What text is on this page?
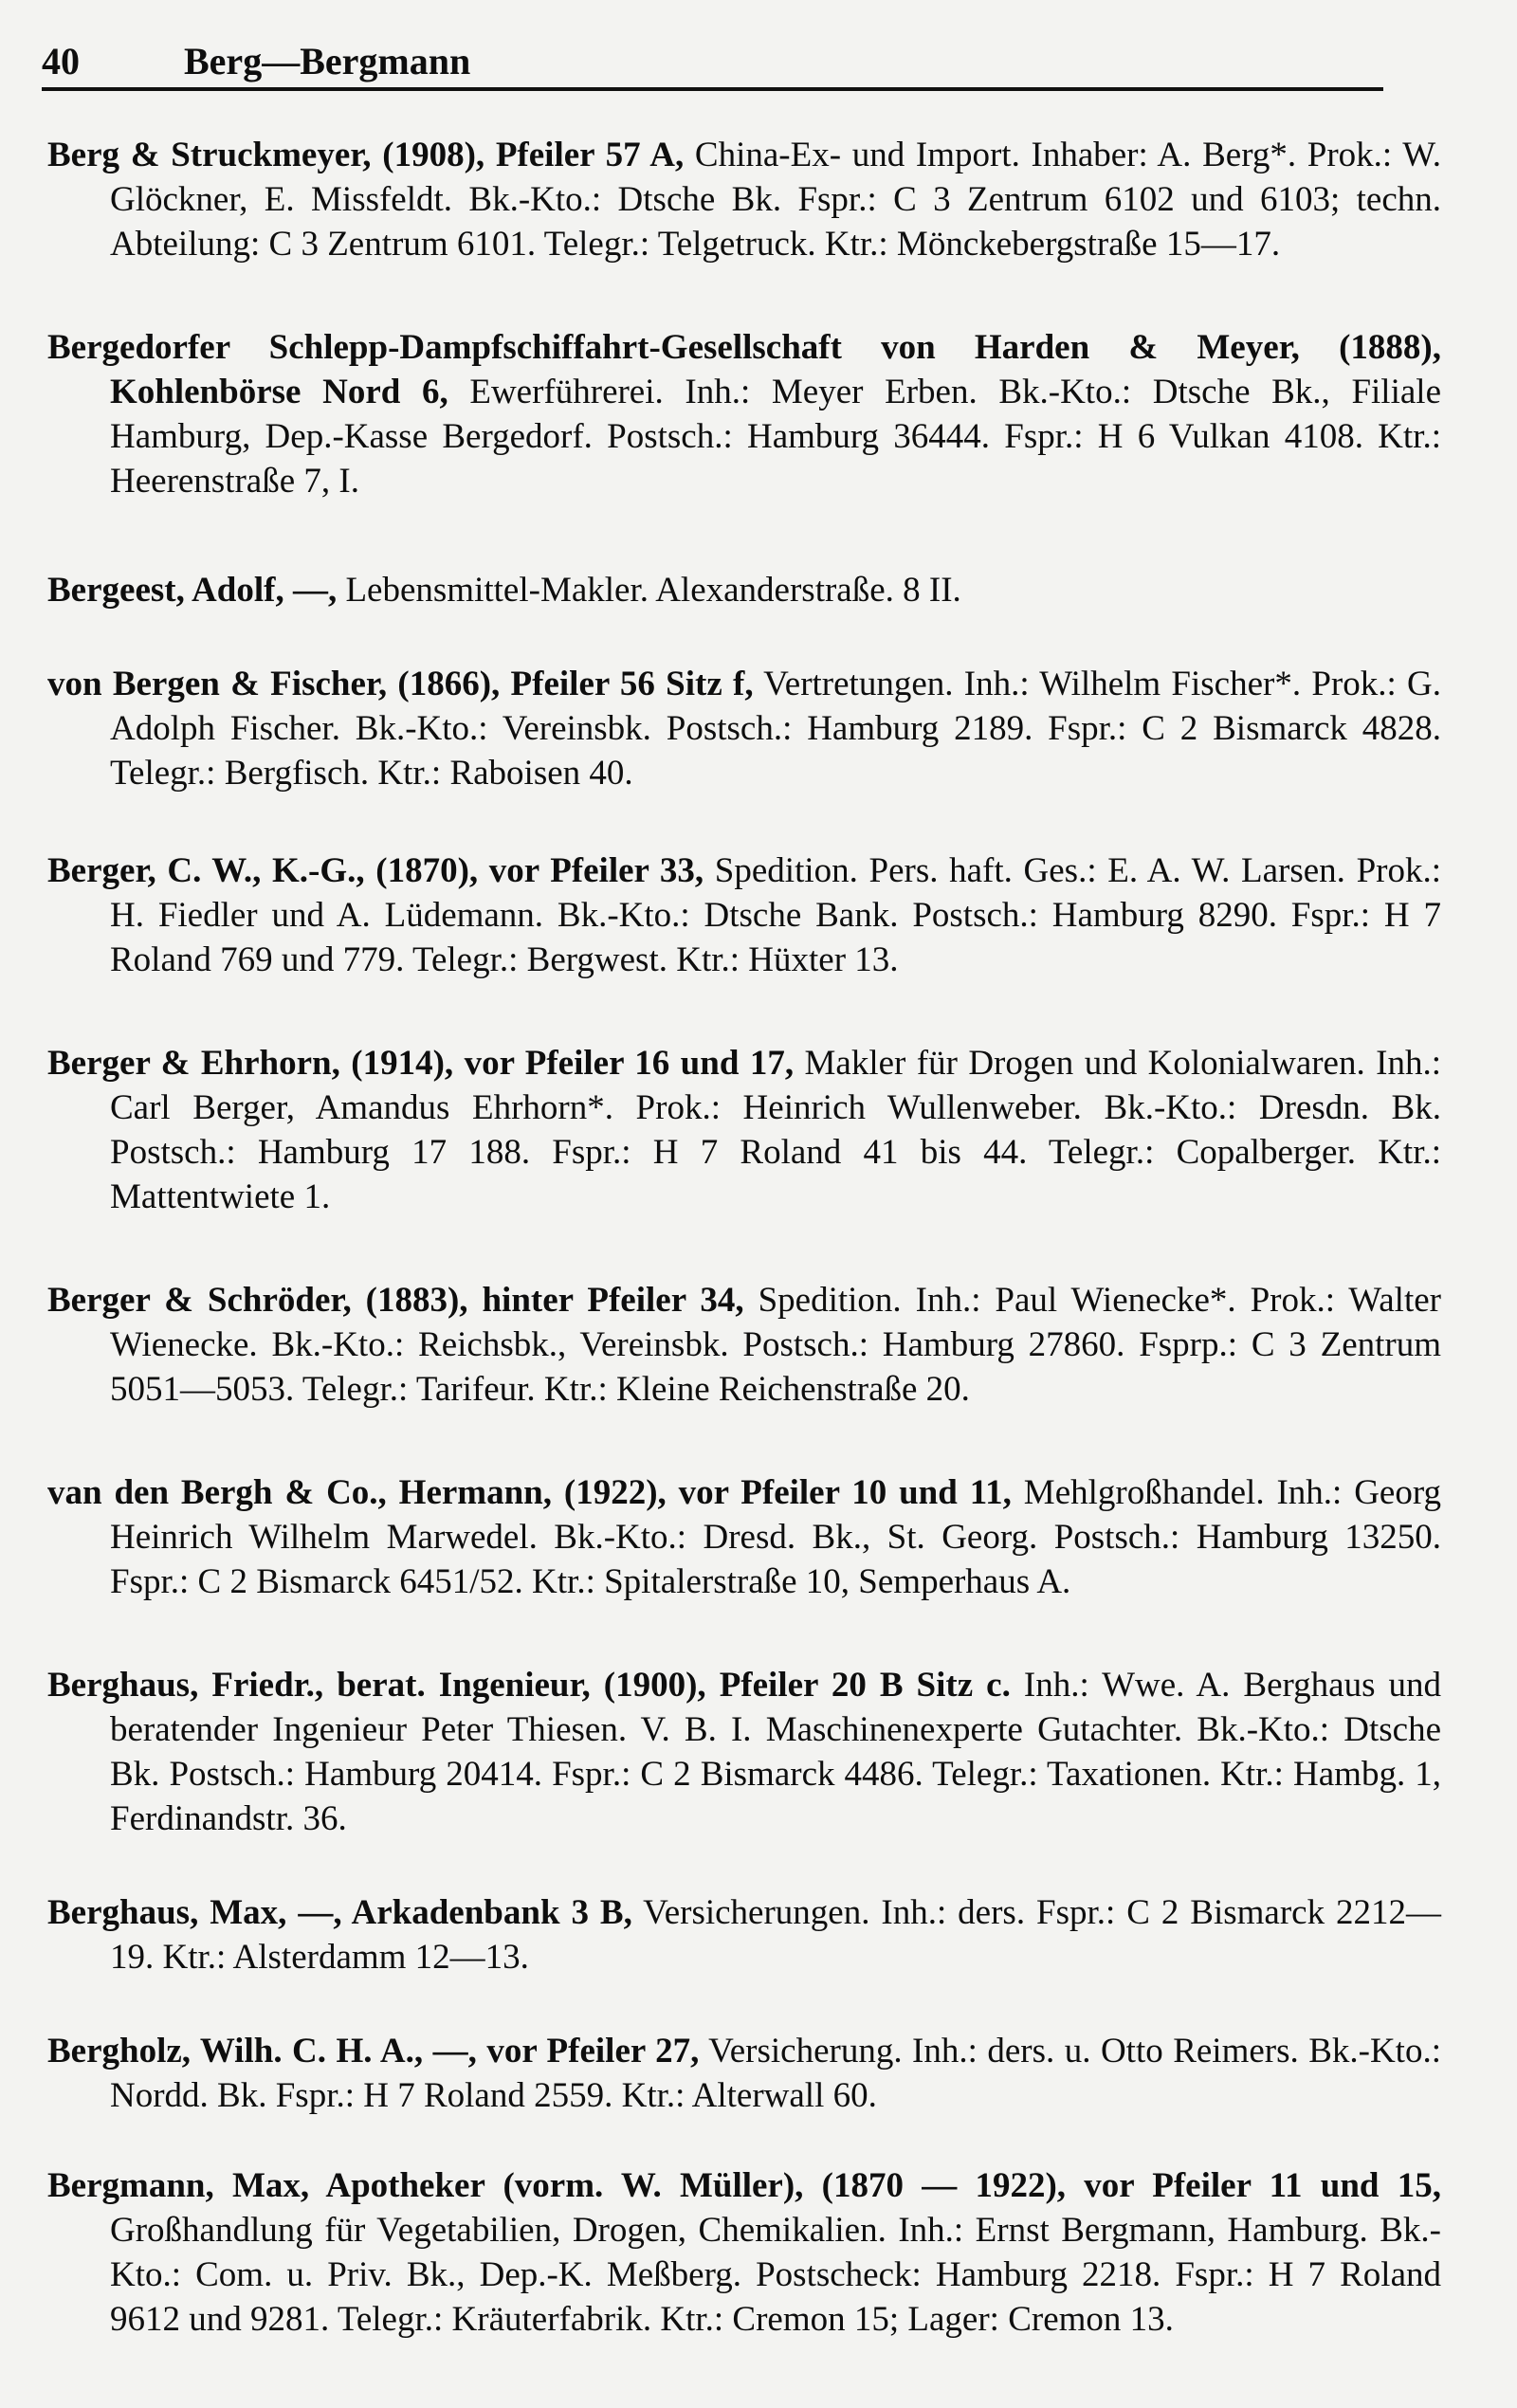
40	Berg—Bergmann

Berg & Struckmeyer, (1908), Pfeiler 57 A, China-Ex- und Import. Inhaber: A. Berg*. Prok.: W. Glöckner, E. Missfeldt. Bk.-Kto.: Dtsche Bk. Fspr.: C 3 Zentrum 6102 und 6103; techn. Abteilung: C 3 Zentrum 6101. Telegr.: Telgetruck. Ktr.: Mönckebergstraße 15—17.

Bergedorfer Schlepp-Dampfschiffahrt-Gesellschaft von Harden & Meyer, (1888), Kohlenbörse Nord 6, Ewerführerei. Inh.: Meyer Erben. Bk.-Kto.: Dtsche Bk., Filiale Hamburg, Dep.-Kasse Bergedorf. Postsch.: Hamburg 36444. Fspr.: H 6 Vulkan 4108. Ktr.: Heerenstraße 7, I.

Bergeest, Adolf, —, Lebensmittel-Makler. Alexanderstraße. 8 II.

von Bergen & Fischer, (1866), Pfeiler 56 Sitz f, Vertretungen. Inh.: Wilhelm Fischer*. Prok.: G. Adolph Fischer. Bk.-Kto.: Vereinsbk. Postsch.: Hamburg 2189. Fspr.: C 2 Bismarck 4828. Telegr.: Bergfisch. Ktr.: Raboisen 40.

Berger, C. W., K.-G., (1870), vor Pfeiler 33, Spedition. Pers. haft. Ges.: E. A. W. Larsen. Prok.: H. Fiedler und A. Lüdemann. Bk.-Kto.: Dtsche Bank. Postsch.: Hamburg 8290. Fspr.: H 7 Roland 769 und 779. Telegr.: Bergwest. Ktr.: Hüxter 13.

Berger & Ehrhorn, (1914), vor Pfeiler 16 und 17, Makler für Drogen und Kolonialwaren. Inh.: Carl Berger, Amandus Ehrhorn*. Prok.: Heinrich Wullenweber. Bk.-Kto.: Dresdn. Bk. Postsch.: Hamburg 17 188. Fspr.: H 7 Roland 41 bis 44. Telegr.: Copalberger. Ktr.: Mattentwiete 1.

Berger & Schröder, (1883), hinter Pfeiler 34, Spedition. Inh.: Paul Wienecke*. Prok.: Walter Wienecke. Bk.-Kto.: Reichsbk., Vereinsbk. Postsch.: Hamburg 27860. Fsprp.: C 3 Zentrum 5051—5053. Telegr.: Tarifeur. Ktr.: Kleine Reichenstraße 20.

van den Bergh & Co., Hermann, (1922), vor Pfeiler 10 und 11, Mehlgroßhandel. Inh.: Georg Heinrich Wilhelm Marwedel. Bk.-Kto.: Dresd. Bk., St. Georg. Postsch.: Hamburg 13250. Fspr.: C 2 Bismarck 6451/52. Ktr.: Spitalerstraße 10, Semperhaus A.

Berghaus, Friedr., berat. Ingenieur, (1900), Pfeiler 20 B Sitz c. Inh.: Wwe. A. Berghaus und beratender Ingenieur Peter Thiesen. V. B. I. Maschinenexperte Gutachter. Bk.-Kto.: Dtsche Bk. Postsch.: Hamburg 20414. Fspr.: C 2 Bismarck 4486. Telegr.: Taxationen. Ktr.: Hambg. 1, Ferdinandstr. 36.

Berghaus, Max, —, Arkadenbank 3 B, Versicherungen. Inh.: ders. Fspr.: C 2 Bismarck 2212—19. Ktr.: Alsterdamm 12—13.

Bergholz, Wilh. C. H. A., —, vor Pfeiler 27, Versicherung. Inh.: ders. u. Otto Reimers. Bk.-Kto.: Nordd. Bk. Fspr.: H 7 Roland 2559. Ktr.: Alterwall 60.

Bergmann, Max, Apotheker (vorm. W. Müller), (1870 — 1922), vor Pfeiler 11 und 15, Großhandlung für Vegetabilien, Drogen, Chemikalien. Inh.: Ernst Bergmann, Hamburg. Bk.-Kto.: Com. u. Priv. Bk., Dep.-K. Meßberg. Postscheck: Hamburg 2218. Fspr.: H 7 Roland 9612 und 9281. Telegr.: Kräuterfabrik. Ktr.: Cremon 15; Lager: Cremon 13.
